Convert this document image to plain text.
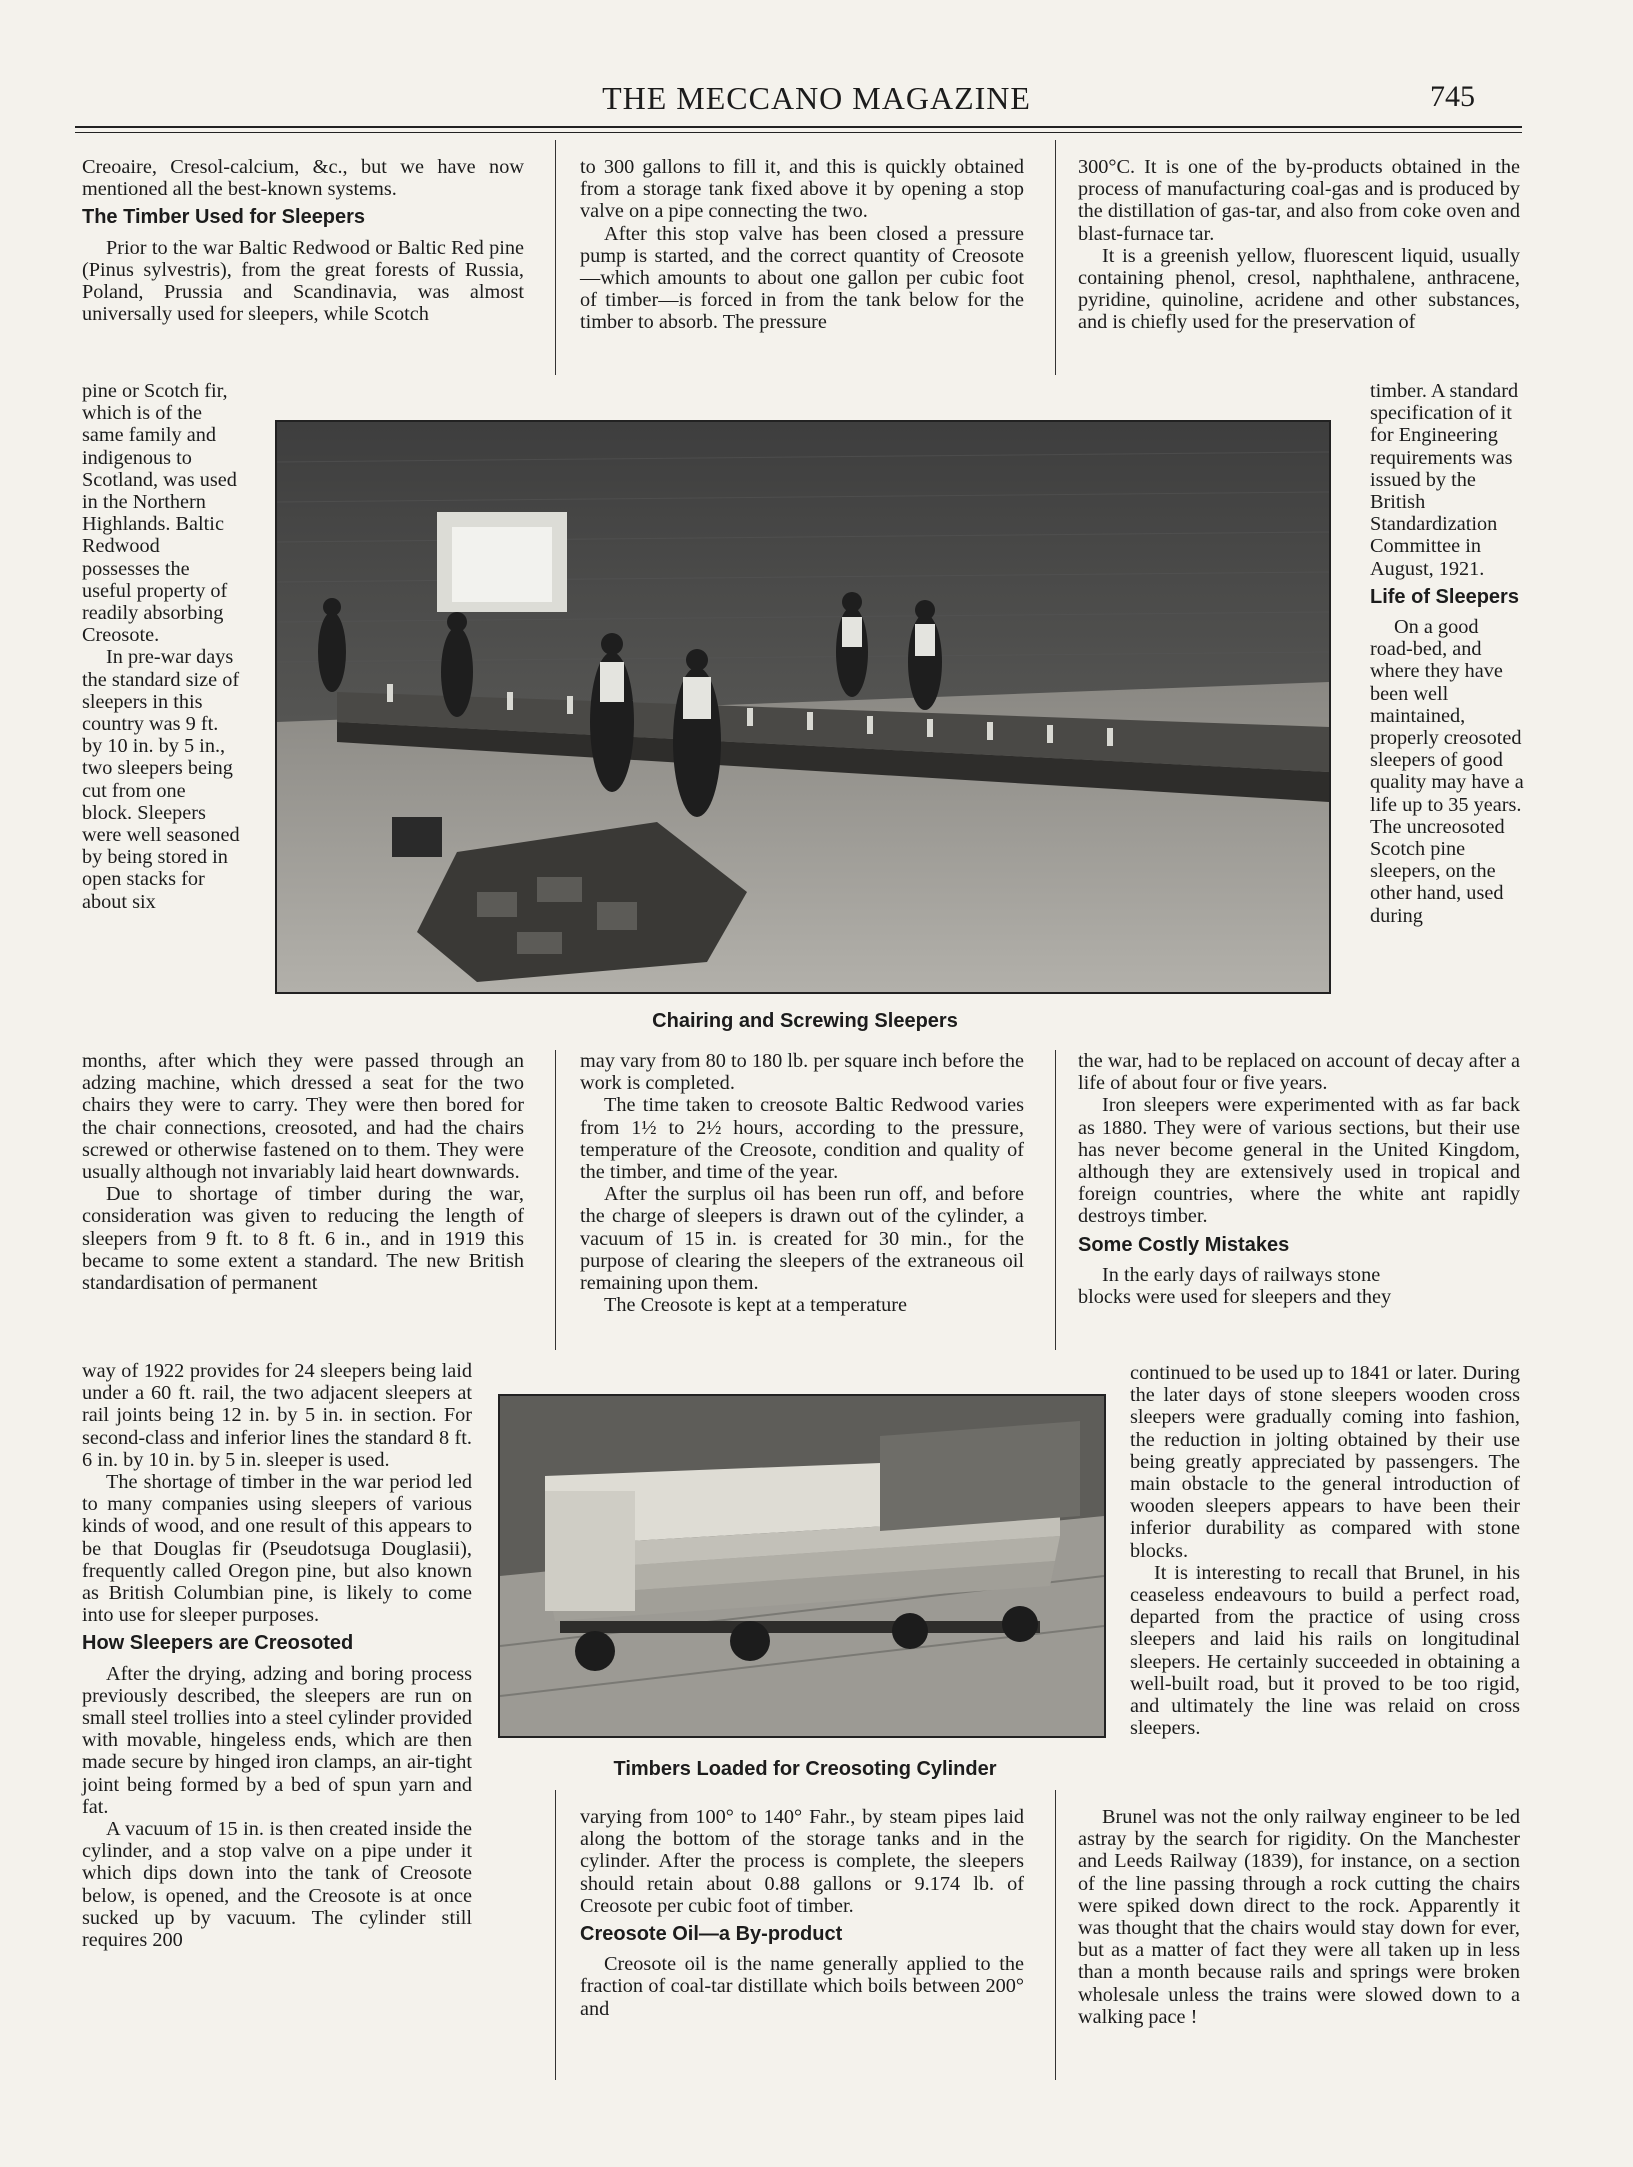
THE MECCANO MAGAZINE	745

Creoaire, Cresol-calcium, &c., but we have now mentioned all the best-known systems.

The Timber Used for Sleepers

Prior to the war Baltic Redwood or Baltic Red pine (Pinus sylvestris), from the great forests of Russia, Poland, Prussia and Scandinavia, was almost universally used for sleepers, while Scotch

pine or Scotch fir, which is of the same family and indigenous to Scotland, was used in the Northern Highlands. Baltic Redwood possesses the useful property of readily absorbing Creosote.

In pre-war days the standard size of sleepers in this country was 9 ft. by 10 in. by 5 in., two sleepers being cut from one block. Sleepers were well seasoned by being stored in open stacks for about six

months, after which they were passed through an adzing machine, which dressed a seat for the two chairs they were to carry. They were then bored for the chair connections, creosoted, and had the chairs screwed or otherwise fastened on to them. They were usually although not invariably laid heart downwards.

Due to shortage of timber during the war, consideration was given to reducing the length of sleepers from 9 ft. to 8 ft. 6 in., and in 1919 this became to some extent a standard. The new British standardisation of permanent

way of 1922 provides for 24 sleepers being laid under a 60 ft. rail, the two adjacent sleepers at rail joints being 12 in. by 5 in. in section. For second-class and inferior lines the standard 8 ft. 6 in. by 10 in. by 5 in. sleeper is used.

The shortage of timber in the war period led to many companies using sleepers of various kinds of wood, and one result of this appears to be that Douglas fir (Pseudotsuga Douglasii), frequently called Oregon pine, but also known as British Columbian pine, is likely to come into use for sleeper purposes.

How Sleepers are Creosoted

After the drying, adzing and boring process previously described, the sleepers are run on small steel trollies into a steel cylinder provided with movable, hingeless ends, which are then made secure by hinged iron clamps, an air-tight joint being formed by a bed of spun yarn and fat.

A vacuum of 15 in. is then created inside the cylinder, and a stop valve on a pipe under it which dips down into the tank of Creosote below, is opened, and the Creosote is at once sucked up by vacuum. The cylinder still requires 200

to 300 gallons to fill it, and this is quickly obtained from a storage tank fixed above it by opening a stop valve on a pipe connecting the two.

After this stop valve has been closed a pressure pump is started, and the correct quantity of Creosote—which amounts to about one gallon per cubic foot of timber—is forced in from the tank below for the timber to absorb. The pressure

may vary from 80 to 180 lb. per square inch before the work is completed.

The time taken to creosote Baltic Redwood varies from 1½ to 2½ hours, according to the pressure, temperature of the Creosote, condition and quality of the timber, and time of the year.

After the surplus oil has been run off, and before the charge of sleepers is drawn out of the cylinder, a vacuum of 15 in. is created for 30 min., for the purpose of clearing the sleepers of the extraneous oil remaining upon them.

The Creosote is kept at a temperature

varying from 100° to 140° Fahr., by steam pipes laid along the bottom of the storage tanks and in the cylinder. After the process is complete, the sleepers should retain about 0.88 gallons or 9.174 lb. of Creosote per cubic foot of timber.

Creosote Oil—a By-product

Creosote oil is the name generally applied to the fraction of coal-tar distillate which boils between 200° and

300°C. It is one of the by-products obtained in the process of manufacturing coal-gas and is produced by the distillation of gas-tar, and also from coke oven and blast-furnace tar.

It is a greenish yellow, fluorescent liquid, usually containing phenol, cresol, naphthalene, anthracene, pyridine, quinoline, acridene and other substances, and is chiefly used for the preservation of

timber. A standard specification of it for Engineering requirements was issued by the British Standardization Committee in August, 1921.

Life of Sleepers

On a good road-bed, and where they have been well maintained, properly creosoted sleepers of good quality may have a life up to 35 years. The uncreosoted Scotch pine sleepers, on the other hand, used during

the war, had to be replaced on account of decay after a life of about four or five years.

Iron sleepers were experimented with as far back as 1880. They were of various sections, but their use has never become general in the United Kingdom, although they are extensively used in tropical and foreign countries, where the white ant rapidly destroys timber.

Some Costly Mistakes

In the early days of railways stone

blocks were used for sleepers and they

continued to be used up to 1841 or later. During the later days of stone sleepers wooden cross sleepers were gradually coming into fashion, the reduction in jolting obtained by their use being greatly appreciated by passengers. The main obstacle to the general introduction of wooden sleepers appears to have been their inferior durability as compared with stone blocks.

It is interesting to recall that Brunel, in his ceaseless endeavours to build a perfect road, departed from the practice of using cross sleepers and laid his rails on longitudinal sleepers. He certainly succeeded in obtaining a well-built road, but it proved to be too rigid, and ultimately the line was relaid on cross sleepers.

Brunel was not the only railway engineer to be led astray by the search for rigidity. On the Manchester and Leeds Railway (1839), for instance, on a section of the line passing through a rock cutting the chairs were spiked down direct to the rock. Apparently it was thought that the chairs would stay down for ever, but as a matter of fact they were all taken up in less than a month because rails and springs were broken wholesale unless the trains were slowed down to a walking pace !

Chairing and Screwing Sleepers
Timbers Loaded for Creosoting Cylinder
